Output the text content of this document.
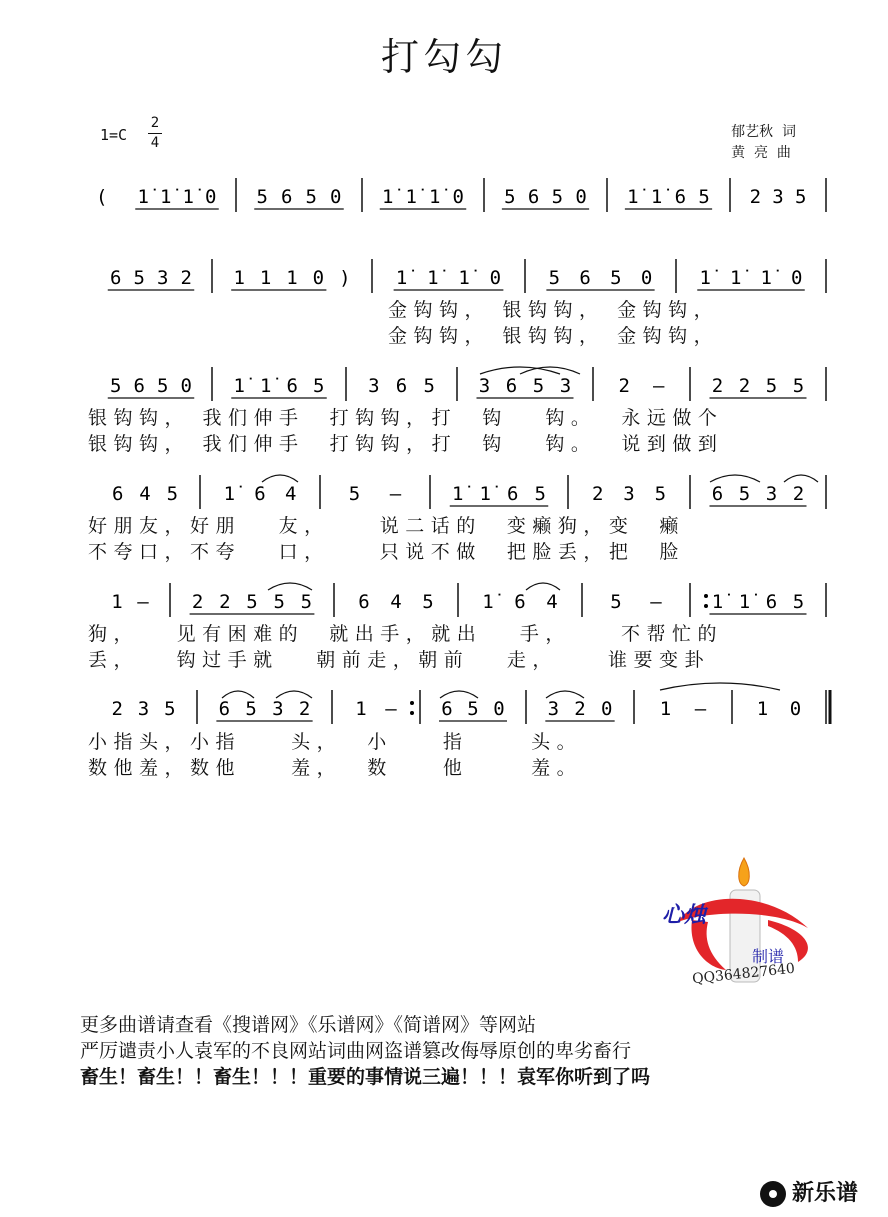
打勾勾
1=C
2
4
郁艺秋  词
黄  亮  曲
( 1̇ 1̇ 1̇ 0 5 6 5 0 1̇ 1̇ 1̇ 0 5 6 5 0 1̇ 1̇ 6 5 2 3 5
6 5 3 2 1 1 1 0 ) 1̇	1̇	1̇	0	5 6 5 0 1̇	1̇	1̇	0
5 6 5 0 1̇ 1̇ 6 5 3 6 5 3 6 5 3 2 – 2 2 5 5
6 4 5 1̇	6 4	5 –	1̇ 1̇ 6 5 2 3 5 6 5 3 2
1 – 2 2 5 5 5 6 4 5	1̇	6 4	5 –	1̇ 1̇ 6 5
2 3 5 6 5 3 2 1 – 6 5 0 3 2 0 1 –	1 0
金钩钩， 银钩钩， 金钩钩，
金钩钩， 银钩钩， 金钩钩，
银钩钩， 我们伸手  打钩钩，打  钩   钩。  永远做个
银钩钩， 我们伸手  打钩钩，打  钩   钩。  说到做到
好朋友，好朋   友，    说二话的  变癞狗，变  癞
不夸口，不夸   口，    只说不做  把脸丢，把  脸
狗，   见有困难的  就出手，就出   手，    不帮忙的
丢，   钩过手就   朝前走，朝前   走，    谁要变卦
小指头，小指    头，  小    指     头。
数他羞，数他    羞，  数    他     羞。
心烛
制谱
QQ364827640
更多曲谱请查看《搜谱网》《乐谱网》《简谱网》等网站
严厉谴责小人袁军的不良网站词曲网盗谱篡改侮辱原创的卑劣畜行
畜生！畜生！！畜生！！！重要的事情说三遍！！！袁军你听到了吗
新乐谱
